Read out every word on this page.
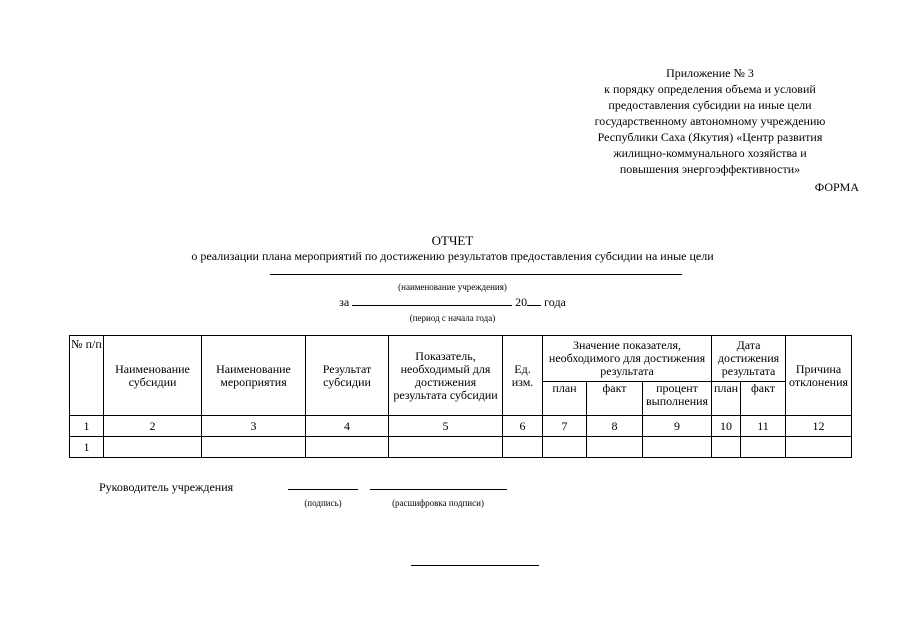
Приложение № 3
к порядку определения объема и условий
предоставления субсидии на иные цели
государственному автономному учреждению
Республики Саха (Якутия) «Центр развития
жилищно-коммунального хозяйства и
повышения энергоэффективности»
ФОРМА
ОТЧЕТ
о реализации плана мероприятий по достижению результатов предоставления субсидии на иные цели
(наименование учреждения)
за	20 года
(период с начала года)
№ п/п	Наименование субсидии	Наименование мероприятия	Результат субсидии	Показатель, необходимый для достижения результата субсидии	Ед. изм.	Значение показателя, необходимого для достижения результата			Дата достижения результата		Причина отклонения
						план	факт	процент выполнения	план	факт	
1	2	3	4	5	6	7	8	9	10	11	12
1											
Руководитель учреждения
(подпись)	(расшифровка подписи)
